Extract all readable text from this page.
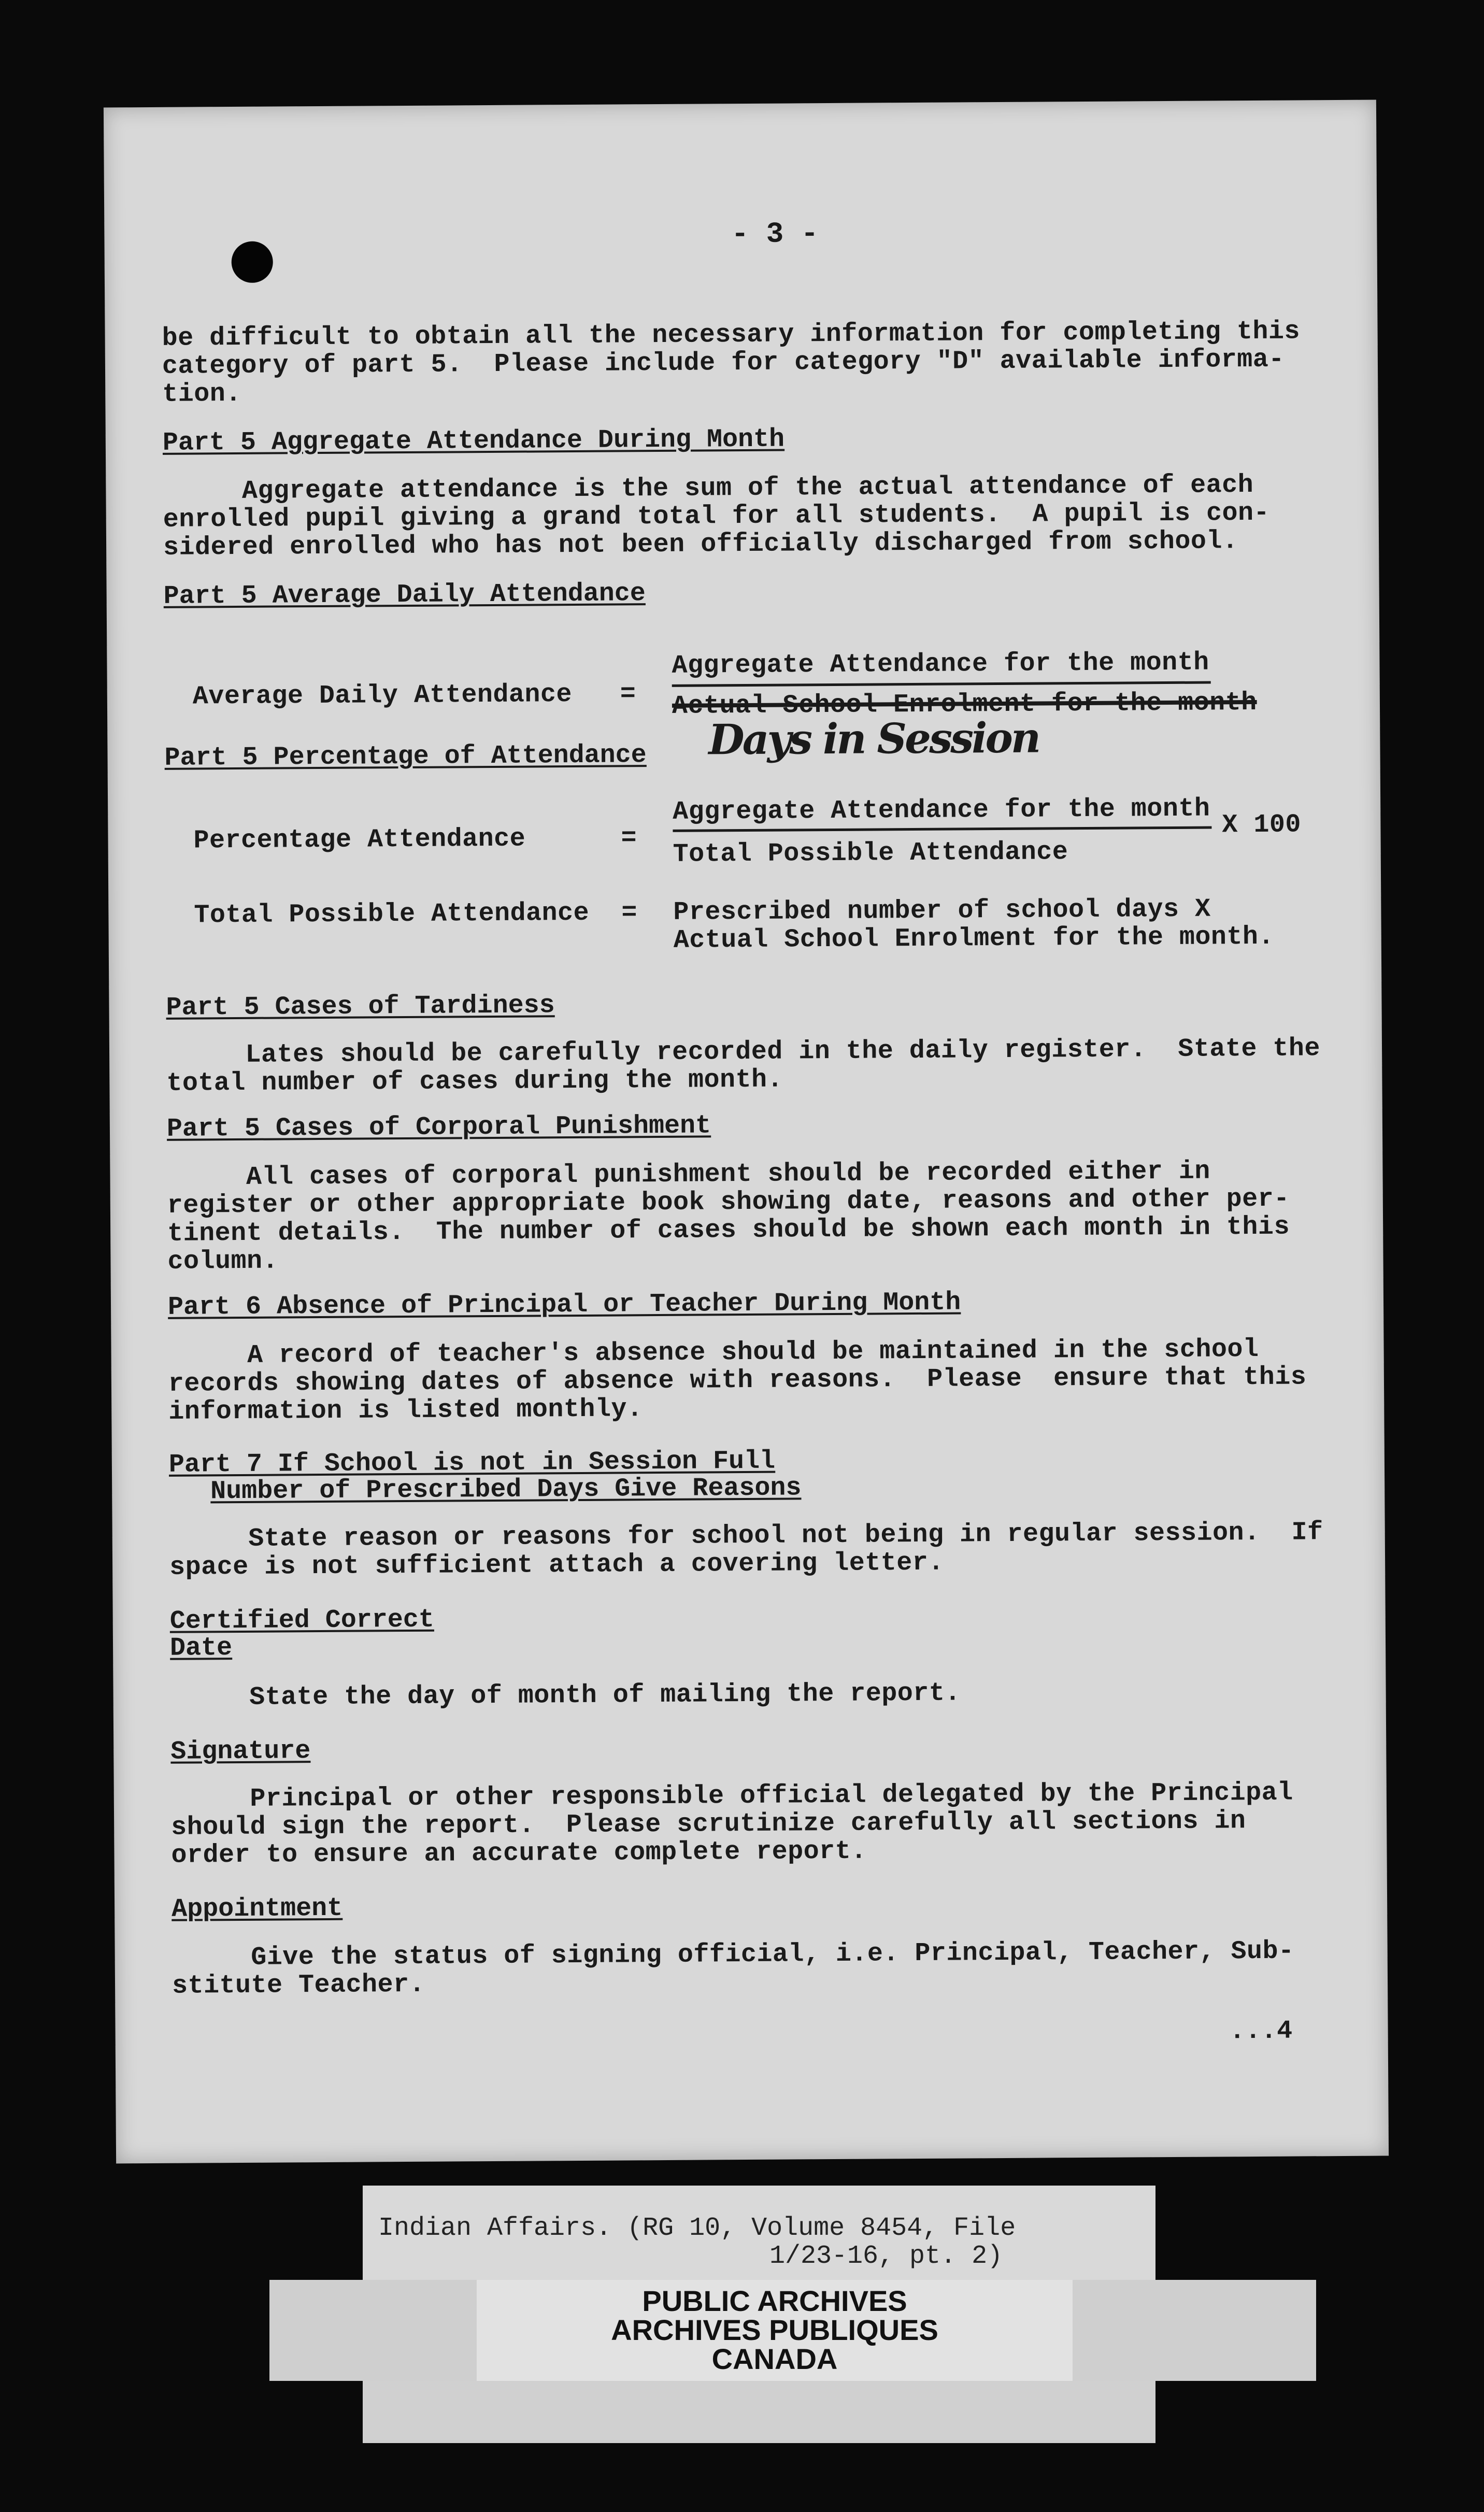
- 3 -
be difficult to obtain all the necessary information for completing this
category of part 5.  Please include for category "D" available informa-
tion.
Part 5 Aggregate Attendance During Month
Aggregate attendance is the sum of the actual attendance of each
enrolled pupil giving a grand total for all students.  A pupil is con-
sidered enrolled who has not been officially discharged from school.
Part 5 Average Daily Attendance
Average Daily Attendance =
Aggregate Attendance for the month
Actual School Enrolment for the month
Days in Session
Part 5 Percentage of Attendance
Percentage Attendance	=
Aggregate Attendance for the month X 100
Total Possible Attendance
Total Possible Attendance = Prescribed number of school days X
Actual School Enrolment for the month.
Part 5 Cases of Tardiness
Lates should be carefully recorded in the daily register.  State the
total number of cases during the month.
Part 5 Cases of Corporal Punishment
All cases of corporal punishment should be recorded either in
register or other appropriate book showing date, reasons and other per-
tinent details.  The number of cases should be shown each month in this
column.
Part 6 Absence of Principal or Teacher During Month
A record of teacher's absence should be maintained in the school
records showing dates of absence with reasons.  Please  ensure that this
information is listed monthly.
Part 7 If School is not in Session Full
Number of Prescribed Days Give Reasons
State reason or reasons for school not being in regular session.  If
space is not sufficient attach a covering letter.
Certified Correct
Date
State the day of month of mailing the report.
Signature
Principal or other responsible official delegated by the Principal
should sign the report.  Please scrutinize carefully all sections in
order to ensure an accurate complete report.
Appointment
Give the status of signing official, i.e. Principal, Teacher, Sub-
stitute Teacher.
...4
Indian Affairs. (RG 10, Volume 8454, File
1/23-16, pt. 2)
PUBLIC ARCHIVES
ARCHIVES PUBLIQUES
CANADA
